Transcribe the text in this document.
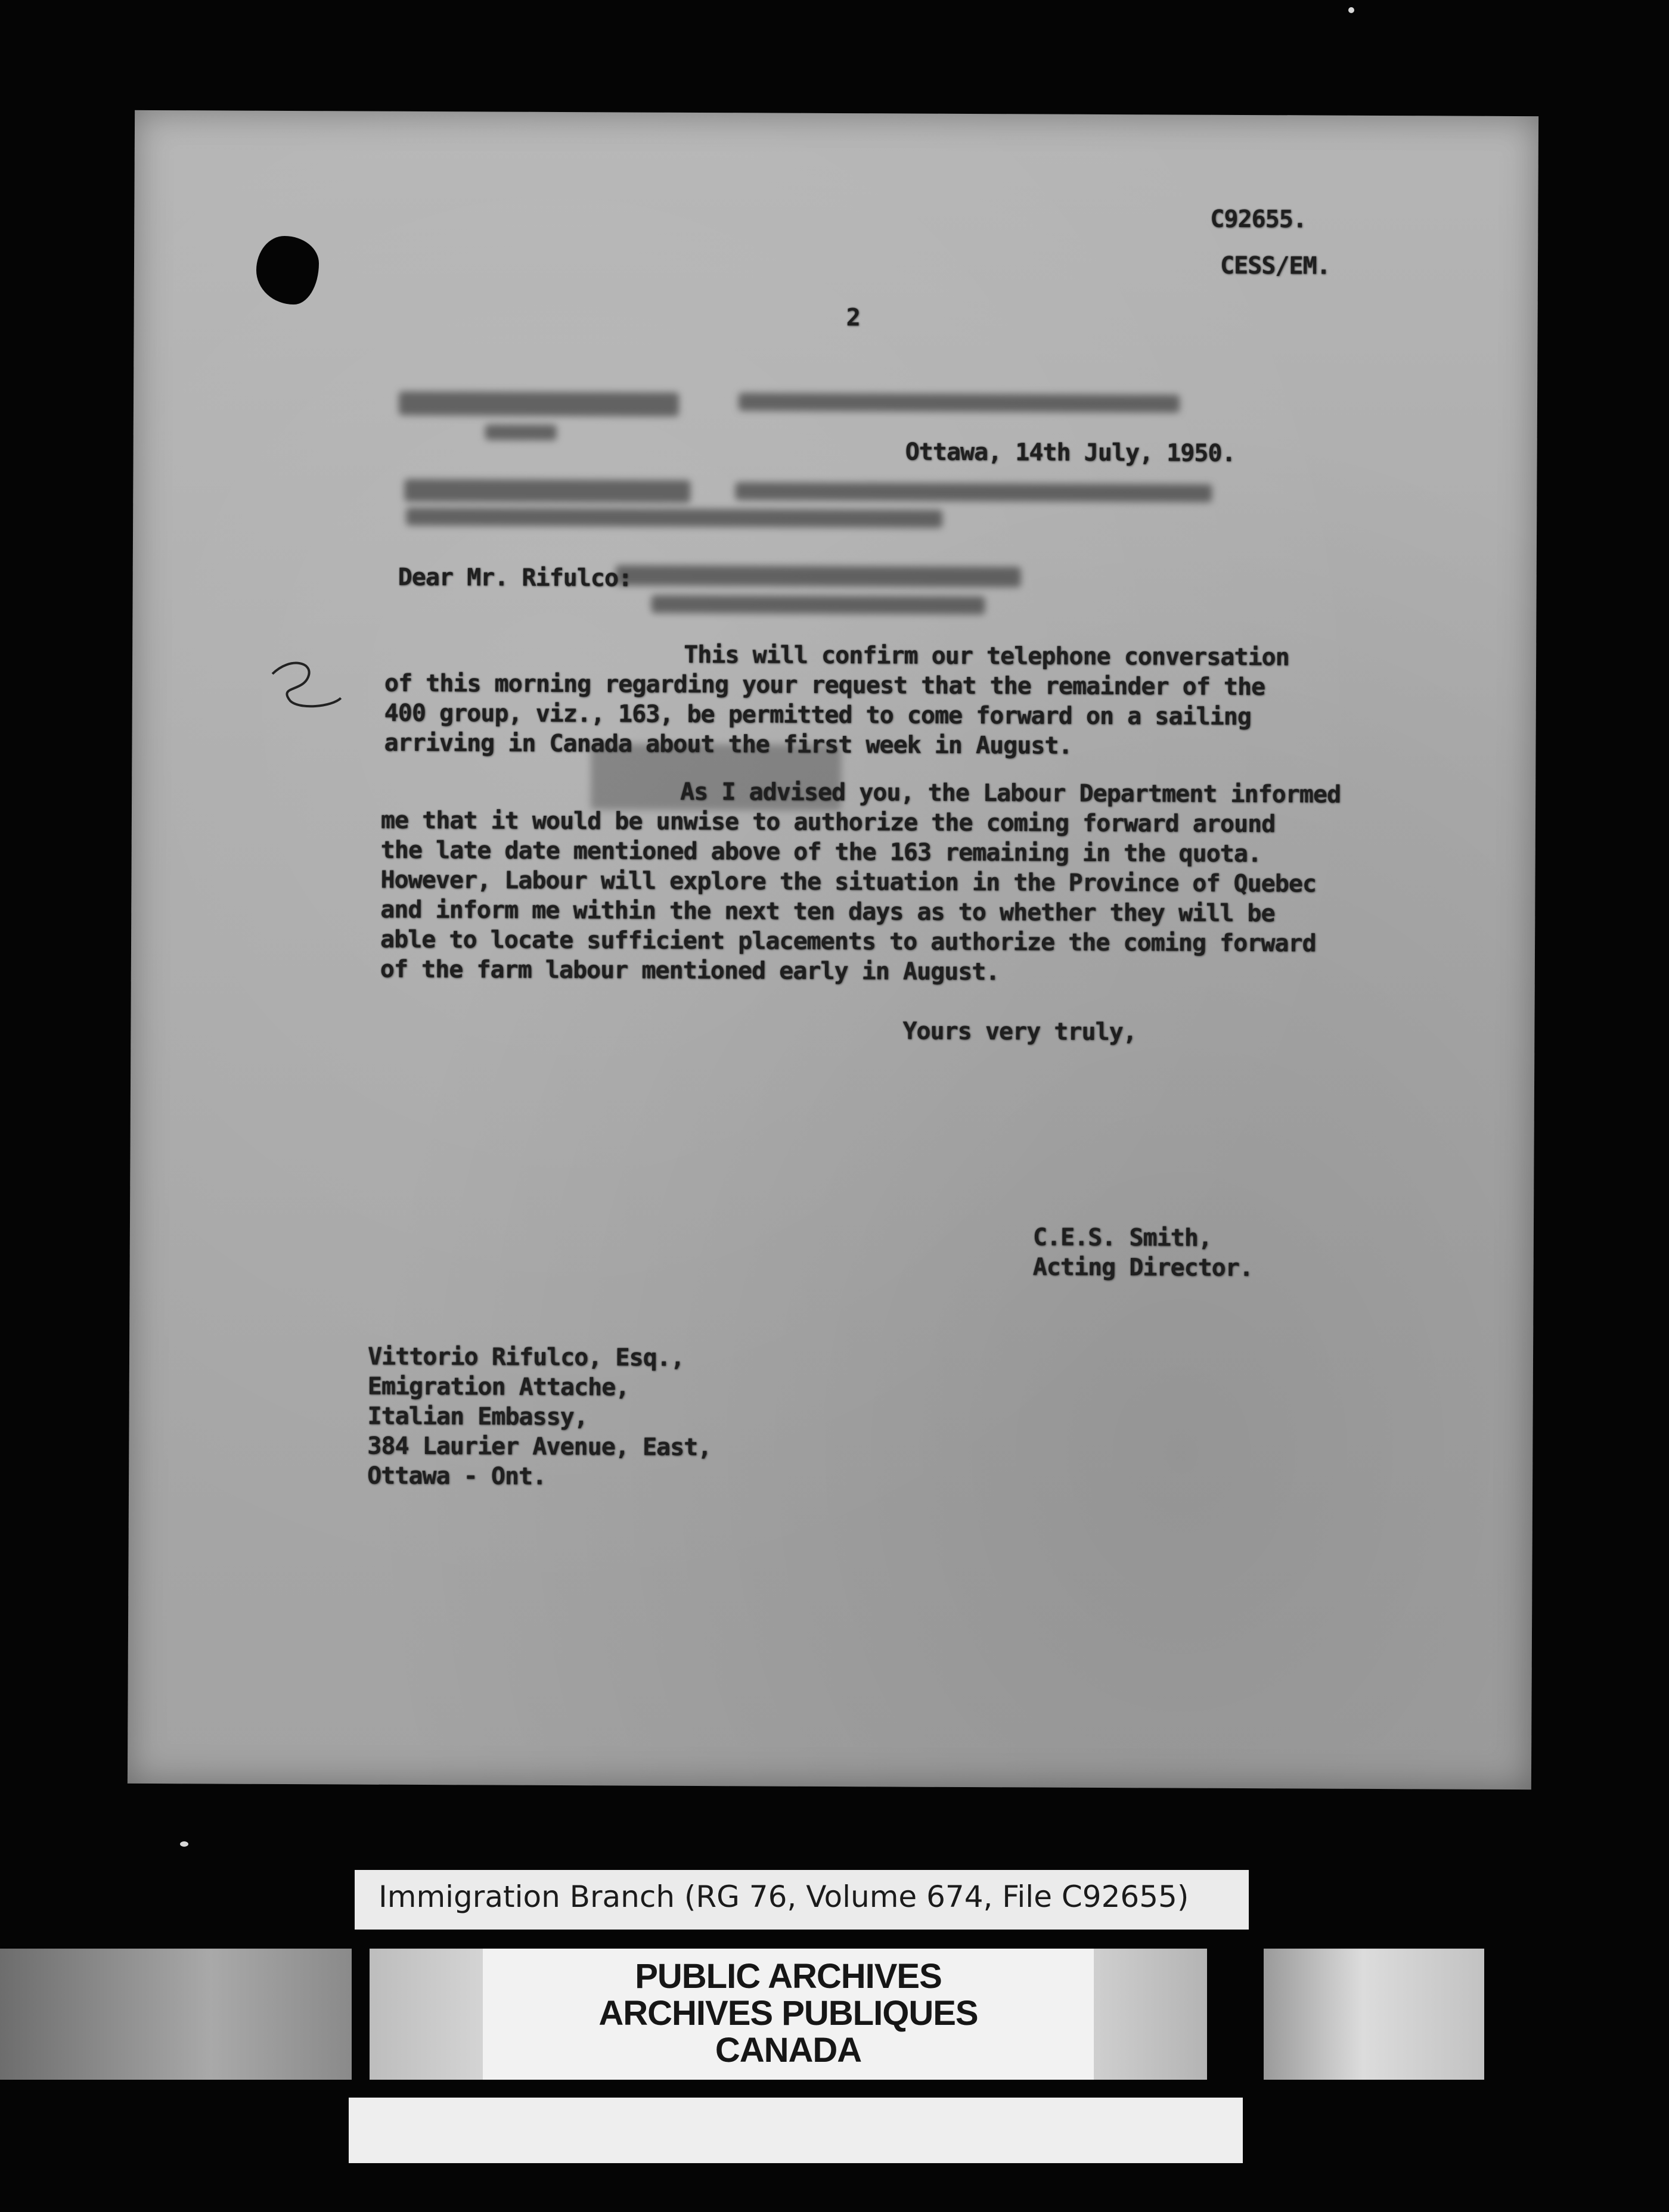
C92655.
CESS/EM.
2
Ottawa, 14th July, 1950.
Dear Mr. Rifulco:
This will confirm our telephone conversation
of this morning regarding your request that the remainder of the
400 group, viz., 163, be permitted to come forward on a sailing
arriving in Canada about the first week in August.
As I advised you, the Labour Department informed
me that it would be unwise to authorize the coming forward around
the late date mentioned above of the 163 remaining in the quota.
However, Labour will explore the situation in the Province of Quebec
and inform me within the next ten days as to whether they will be
able to locate sufficient placements to authorize the coming forward
of the farm labour mentioned early in August.
Yours very truly,
C.E.S. Smith,
Acting Director.
Vittorio Rifulco, Esq.,
Emigration Attache,
Italian Embassy,
384 Laurier Avenue, East,
Ottawa - Ont.
Immigration Branch (RG 76, Volume 674, File C92655)
PUBLIC ARCHIVES
ARCHIVES PUBLIQUES
CANADA
